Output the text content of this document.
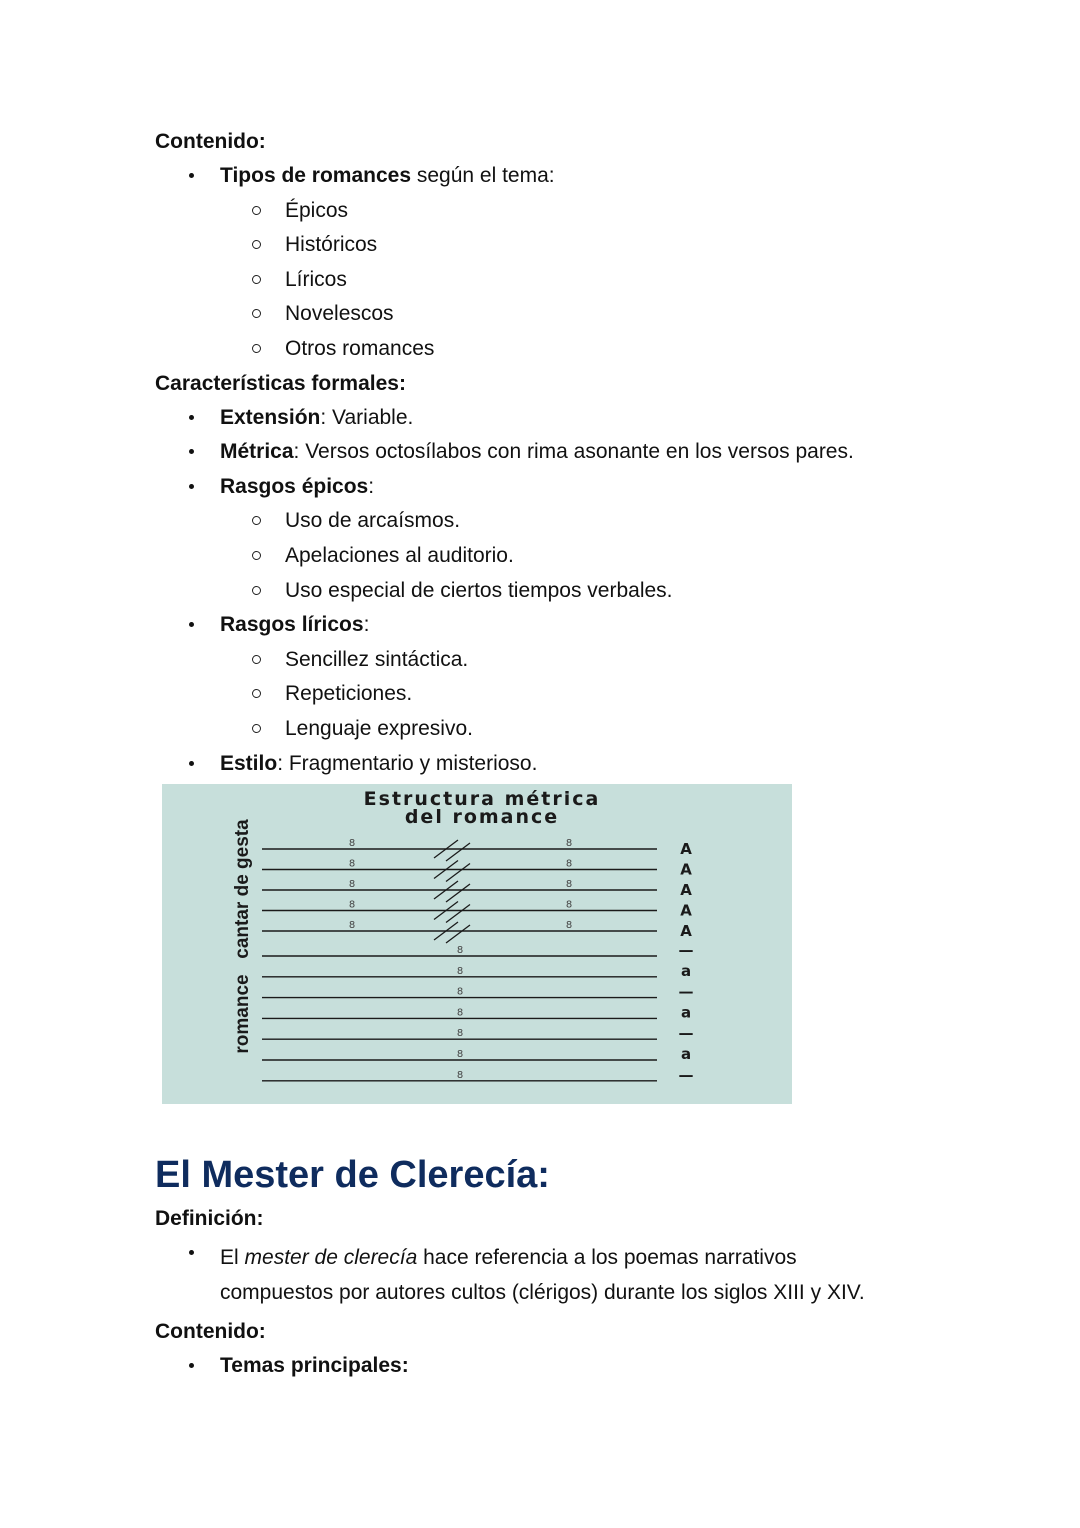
Contenido:

Tipos de romances según el tema:
Épicos
Históricos
Líricos
Novelescos
Otros romances

Características formales:

Extensión: Variable.
Métrica: Versos octosílabos con rima asonante en los versos pares.
Rasgos épicos:
Uso de arcaísmos.
Apelaciones al auditorio.
Uso especial de ciertos tiempos verbales.
Rasgos líricos:
Sencillez sintáctica.
Repeticiones.
Lenguaje expresivo.
Estilo: Fragmentario y misterioso.
Estructura métrica
del romance
cantar de gesta
romance
8	8	A
8	8	A
8	8	A
8	8	A
8	8	A
8	—
8	a
8	—
8	a
8	—
8	a
8	—
El Mester de Clerecía:

Definición:

El mester de clerecía hace referencia a los poemas narrativos
compuestos por autores cultos (clérigos) durante los siglos XIII y XIV.

Contenido:

Temas principales:
